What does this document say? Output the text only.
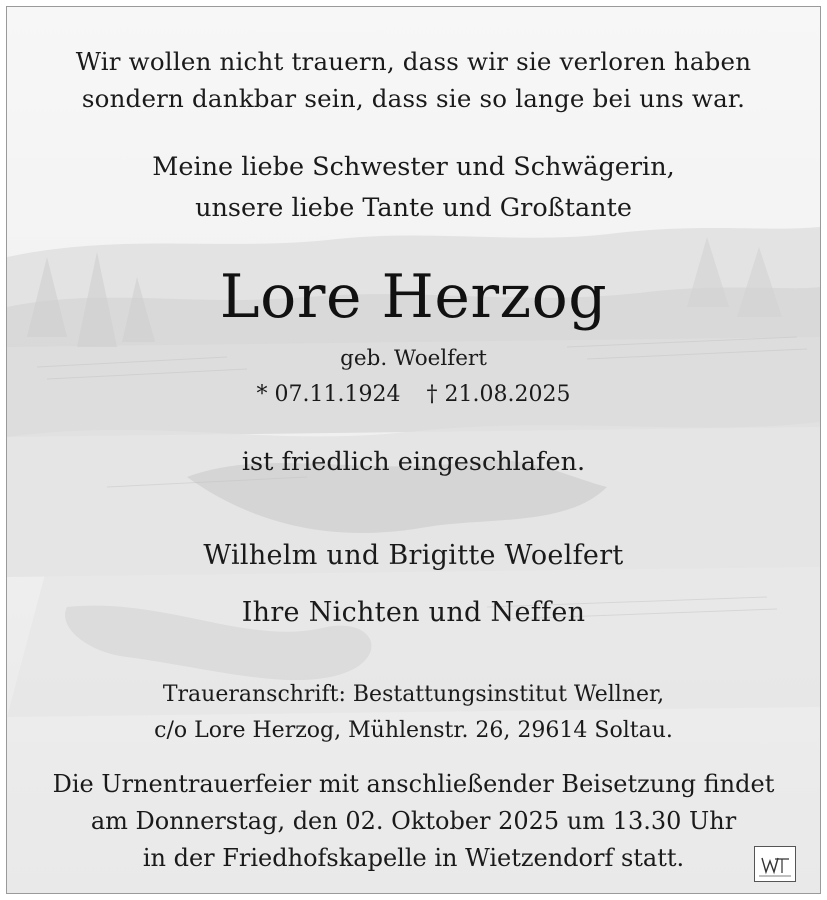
Wir wollen nicht trauern, dass wir sie verloren haben
sondern dankbar sein, dass sie so lange bei uns war.
Meine liebe Schwester und Schwägerin,
unsere liebe Tante und Großtante
Lore Herzog
geb. Woelfert
* 07.11.1924 † 21.08.2025
ist friedlich eingeschlafen.
Wilhelm und Brigitte Woelfert
Ihre Nichten und Neffen
Traueranschrift: Bestattungsinstitut Wellner,
c/o Lore Herzog, Mühlenstr. 26, 29614 Soltau.
Die Urnentrauerfeier mit anschließender Beisetzung findet
am Donnerstag, den 02. Oktober 2025 um 13.30 Uhr
in der Friedhofskapelle in Wietzendorf statt.
